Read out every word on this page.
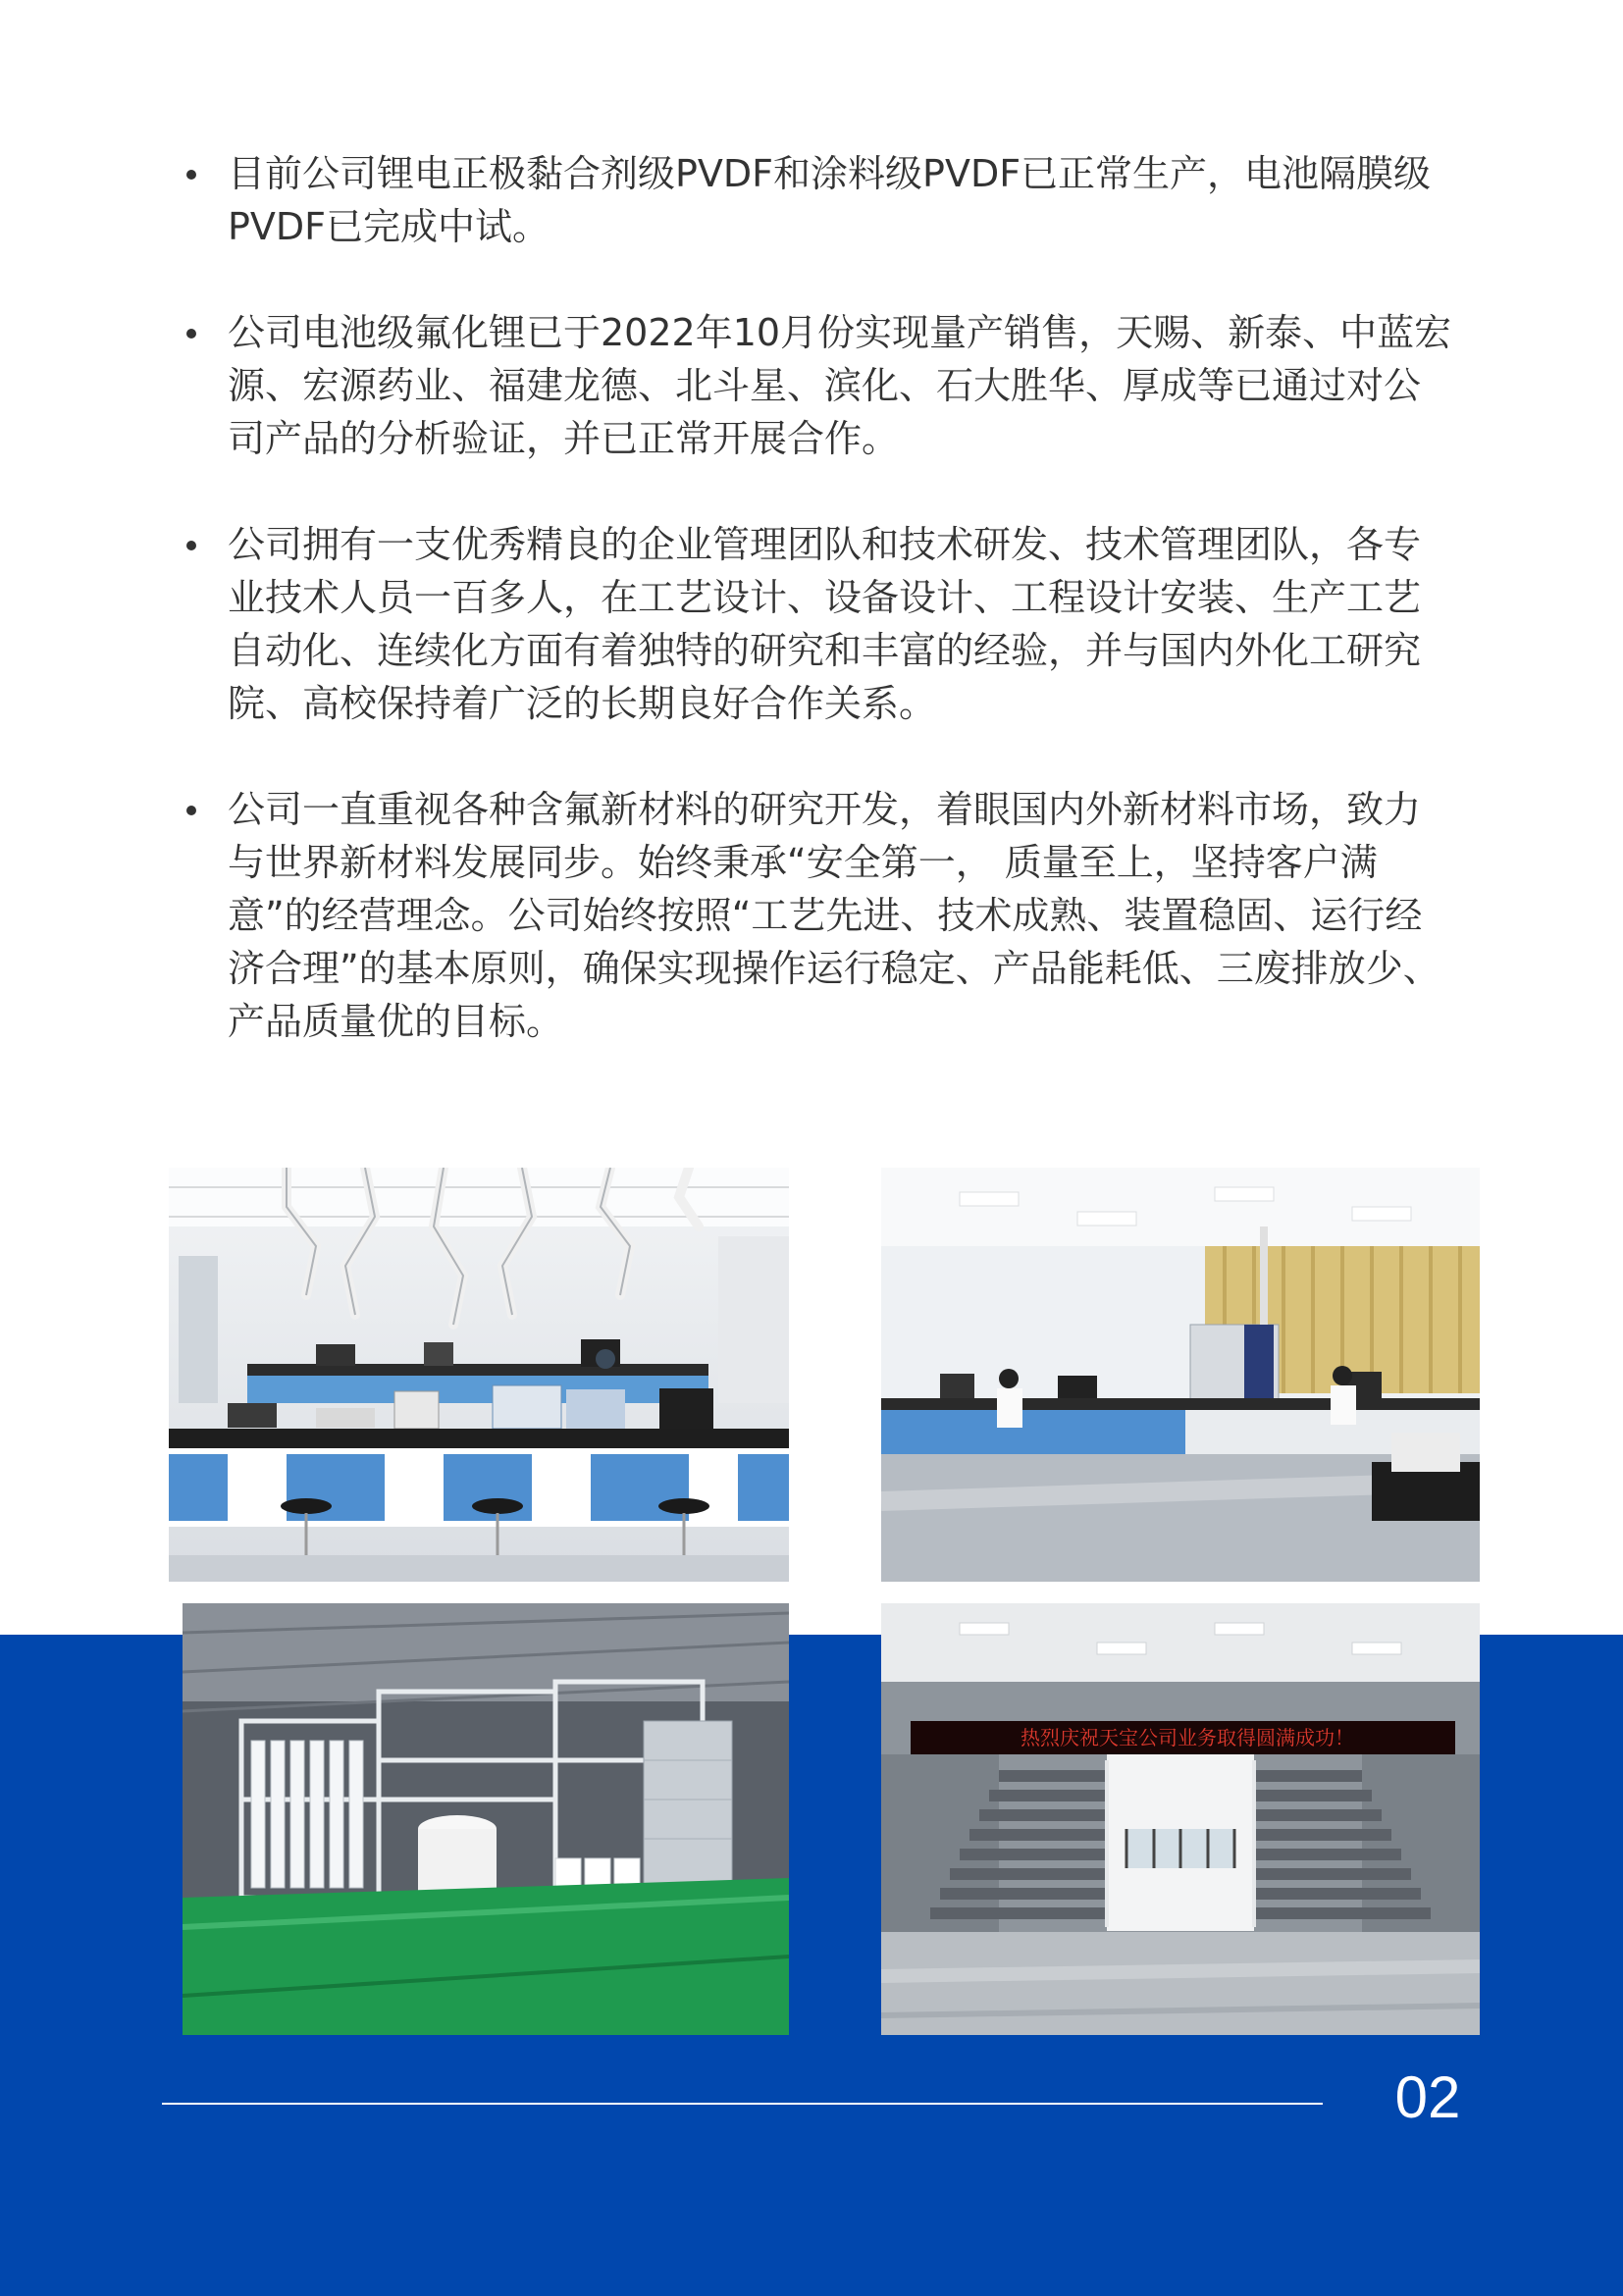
目前公司锂电正极黏合剂级PVDF和涂料级PVDF已正常生产，电池隔膜级PVDF已完成中试。
公司电池级氟化锂已于2022年10月份实现量产销售，天赐、新泰、中蓝宏源、宏源药业、福建龙德、北斗星、滨化、石大胜华、厚成等已通过对公司产品的分析验证，并已正常开展合作。
公司拥有一支优秀精良的企业管理团队和技术研发、技术管理团队，各专业技术人员一百多人，在工艺设计、设备设计、工程设计安装、生产工艺自动化、连续化方面有着独特的研究和丰富的经验，并与国内外化工研究院、高校保持着广泛的长期良好合作关系。
公司一直重视各种含氟新材料的研究开发，着眼国内外新材料市场，致力与世界新材料发展同步。始终秉承“安全第一， 质量至上，坚持客户满意”的经营理念。公司始终按照“工艺先进、技术成熟、装置稳固、运行经济合理”的基本原则，确保实现操作运行稳定、产品能耗低、三废排放少、产品质量优的目标。
热烈庆祝天宝公司业务取得圆满成功！
02
